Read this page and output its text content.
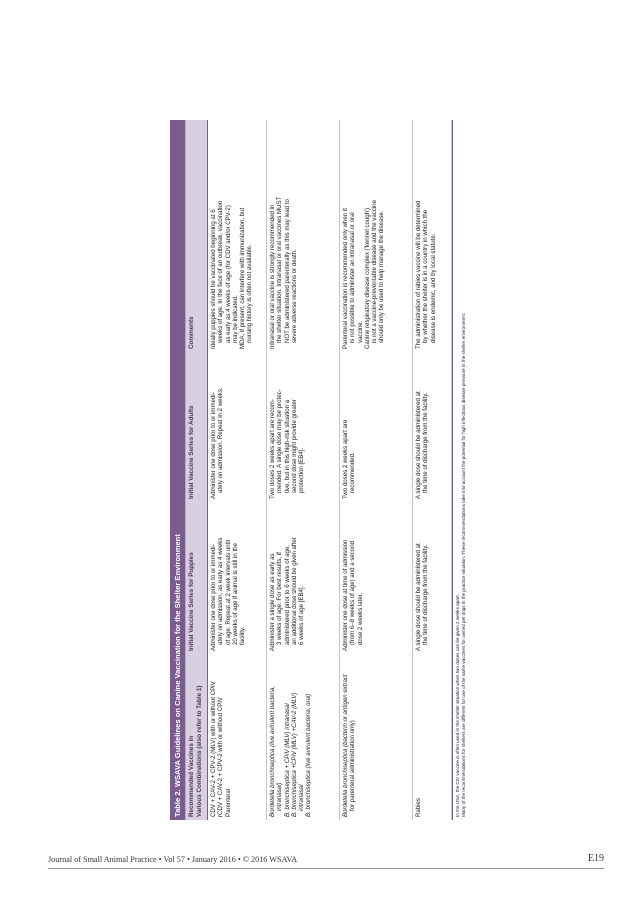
Table 2. WSAVA Guidelines on Canine Vaccination for the Shelter Environment Recommended Vaccines in Various Combinations (also refer to Table 1)
Initial Vaccine Series for Puppies
Initial Vaccine Series for Adults
Comments
CDV + CAV-2 + CPV-2 (MLV) with or without CPiV rCDV + CAV-2 + CPV-2 with or without CPiV Parenteral
Administer one dose prior to or immedi- ately on admission, as early as 4 weeks of age. Repeat at 2 week intervals until 20 weeks of age if animal is still in the facility.
Administer one dose prior to or immedi- ately on admission. Repeat in 2 weeks.
Ideally puppies should be vaccinated beginning at 6 weeks of age. In the face of an outbreak, vaccination as early as 4 weeks of age (for CDV and/or CPV-2) may be indicated. MDA, if present, can interfere with immunization, but nursing history is often not available.
Bordetella bronchiseptica (live avirulent bacteria, intranasal) B. bronchiseptica + CPiV (MLV) intranasal B. bronchiseptica +CPiV (MLV) +CAV-2 (MLV) intranasal B. bronchiseptica (live avirulent bacteria, oral)
Administer a single dose as early as 3 weeks of age. For best results, if administered prior to 6 weeks of age, an additional dose should be given after 6 weeks of age [EB4].
Two doses 2 weeks apart are recom- mended. A single dose may be protec- tive, but in this high-risk situation a second dose might provide greater protection [EB4].
Intranasal or oral vaccine is strongly recommended in the shelter situation. Intranasal or oral vaccines MUST NOT be administered parenterally as this may lead to severe adverse reactions or death.
Bordetella bronchiseptica (bacterin or antigen extract for parenteral administration only)
Administer one dose at time of admission (from 6–8 weeks of age) and a second dose 2 weeks later.
Two doses 2 weeks apart are recommended.
Parenteral vaccination is recommended only when it is not possible to administer an intranasal or oral vaccine. Canine respiratory disease complex ('kennel cough') is not a vaccine-preventable disease and the vaccine should only be used to help manage the disease.
Rabies
A single dose should be administered at the time of discharge from the facility.
A single dose should be administered at the time of discharge from the facility.
The administration of rabies vaccine will be determined by whether the shelter is in a country in which the disease is endemic, and by local statute.
In the USA, the CIV vaccine is often used in the shelter situation when two doses can be given 2 weeks apart. Many of the recommendations for shelters are different for use of the same vaccines for owned pet dogs in the practice situation. These recommendations take into account the potential for high infectious disease pressure in the shelter environment.
Journal of Small Animal Practice • Vol 57 • January 2016 • © 2016 WSAVA	E19
